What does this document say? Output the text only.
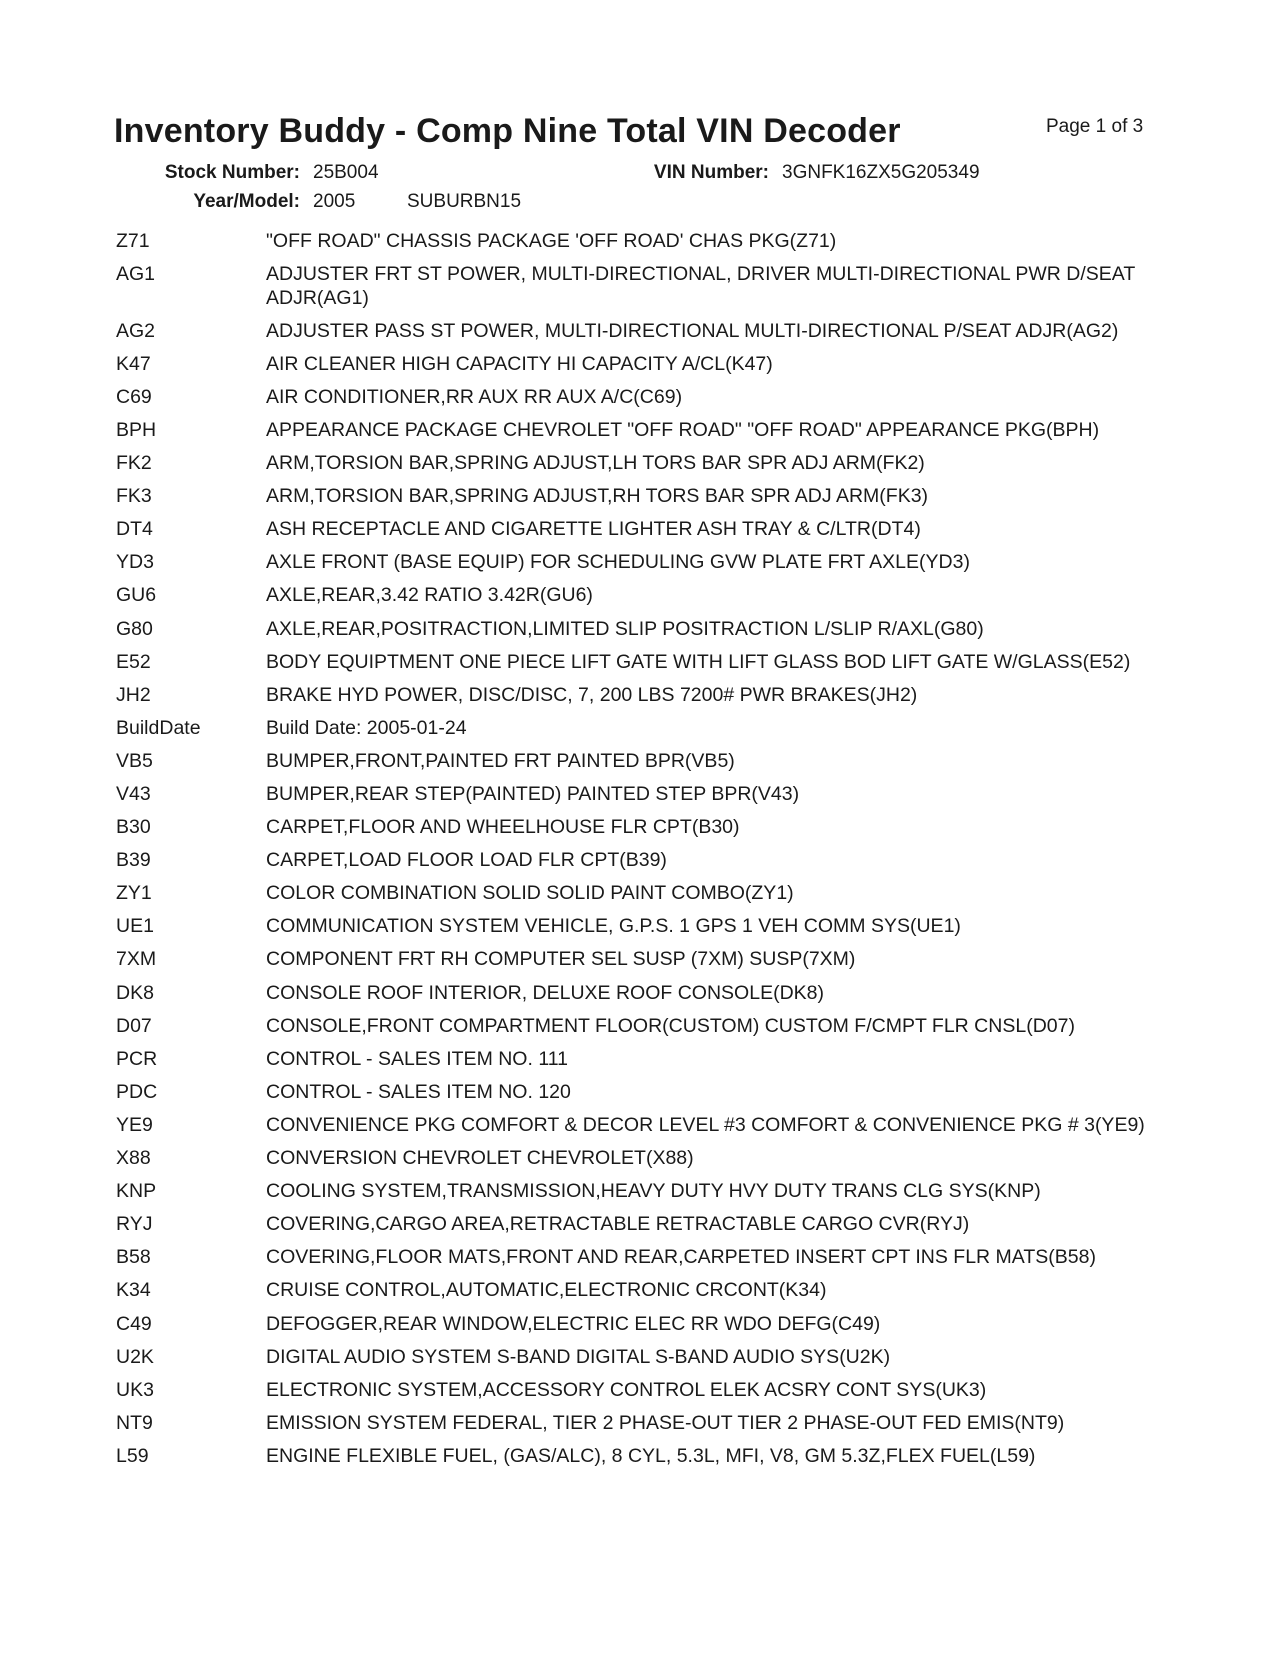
Inventory Buddy - Comp Nine Total VIN Decoder	Page 1 of 3
Stock Number: 25B004	VIN Number: 3GNFK16ZX5G205349
Year/Model: 2005	SUBURBN15
Z71	"OFF ROAD" CHASSIS PACKAGE 'OFF ROAD' CHAS PKG(Z71)
AG1	ADJUSTER FRT ST POWER, MULTI-DIRECTIONAL, DRIVER MULTI-DIRECTIONAL PWR D/SEAT ADJR(AG1)
AG2	ADJUSTER PASS ST POWER, MULTI-DIRECTIONAL MULTI-DIRECTIONAL P/SEAT ADJR(AG2)
K47	AIR CLEANER HIGH CAPACITY HI CAPACITY A/CL(K47)
C69	AIR CONDITIONER,RR AUX RR AUX A/C(C69)
BPH	APPEARANCE PACKAGE CHEVROLET "OFF ROAD" "OFF ROAD" APPEARANCE PKG(BPH)
FK2	ARM,TORSION BAR,SPRING ADJUST,LH TORS BAR SPR ADJ ARM(FK2)
FK3	ARM,TORSION BAR,SPRING ADJUST,RH TORS BAR SPR ADJ ARM(FK3)
DT4	ASH RECEPTACLE AND CIGARETTE LIGHTER ASH TRAY & C/LTR(DT4)
YD3	AXLE FRONT (BASE EQUIP) FOR SCHEDULING GVW PLATE FRT AXLE(YD3)
GU6	AXLE,REAR,3.42 RATIO 3.42R(GU6)
G80	AXLE,REAR,POSITRACTION,LIMITED SLIP POSITRACTION L/SLIP R/AXL(G80)
E52	BODY EQUIPTMENT ONE PIECE LIFT GATE WITH LIFT GLASS BOD LIFT GATE W/GLASS(E52)
JH2	BRAKE HYD POWER, DISC/DISC, 7, 200 LBS 7200# PWR BRAKES(JH2)
BuildDate	Build Date: 2005-01-24
VB5	BUMPER,FRONT,PAINTED FRT PAINTED BPR(VB5)
V43	BUMPER,REAR STEP(PAINTED) PAINTED STEP BPR(V43)
B30	CARPET,FLOOR AND WHEELHOUSE FLR CPT(B30)
B39	CARPET,LOAD FLOOR LOAD FLR CPT(B39)
ZY1	COLOR COMBINATION SOLID SOLID PAINT COMBO(ZY1)
UE1	COMMUNICATION SYSTEM VEHICLE, G.P.S. 1 GPS 1 VEH COMM SYS(UE1)
7XM	COMPONENT FRT RH COMPUTER SEL SUSP (7XM) SUSP(7XM)
DK8	CONSOLE ROOF INTERIOR, DELUXE ROOF CONSOLE(DK8)
D07	CONSOLE,FRONT COMPARTMENT FLOOR(CUSTOM) CUSTOM F/CMPT FLR CNSL(D07)
PCR	CONTROL - SALES ITEM NO. 111
PDC	CONTROL - SALES ITEM NO. 120
YE9	CONVENIENCE PKG COMFORT & DECOR LEVEL #3 COMFORT & CONVENIENCE PKG # 3(YE9)
X88	CONVERSION CHEVROLET CHEVROLET(X88)
KNP	COOLING SYSTEM,TRANSMISSION,HEAVY DUTY HVY DUTY TRANS CLG SYS(KNP)
RYJ	COVERING,CARGO AREA,RETRACTABLE RETRACTABLE CARGO CVR(RYJ)
B58	COVERING,FLOOR MATS,FRONT AND REAR,CARPETED INSERT CPT INS FLR MATS(B58)
K34	CRUISE CONTROL,AUTOMATIC,ELECTRONIC CRCONT(K34)
C49	DEFOGGER,REAR WINDOW,ELECTRIC ELEC RR WDO DEFG(C49)
U2K	DIGITAL AUDIO SYSTEM S-BAND DIGITAL S-BAND AUDIO SYS(U2K)
UK3	ELECTRONIC SYSTEM,ACCESSORY CONTROL ELEK ACSRY CONT SYS(UK3)
NT9	EMISSION SYSTEM FEDERAL, TIER 2 PHASE-OUT TIER 2 PHASE-OUT FED EMIS(NT9)
L59	ENGINE FLEXIBLE FUEL, (GAS/ALC), 8 CYL, 5.3L, MFI, V8, GM 5.3Z,FLEX FUEL(L59)
